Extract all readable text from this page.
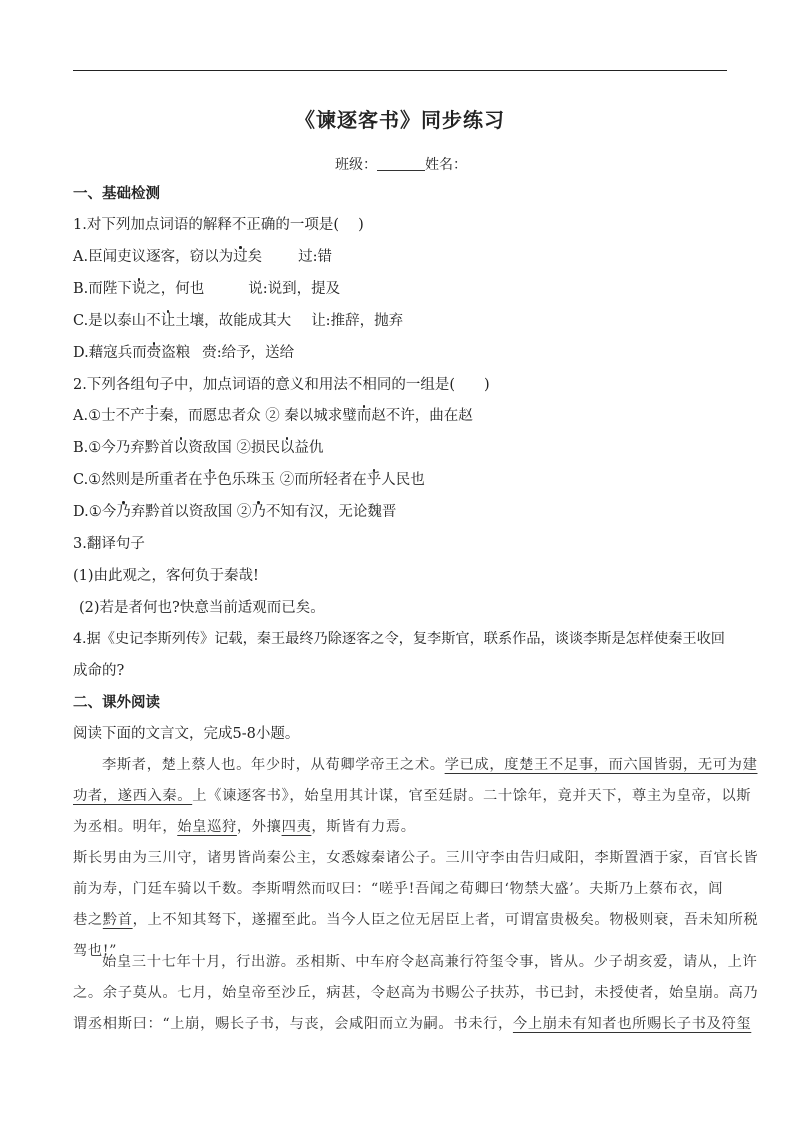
《谏逐客书》同步练习
班级：	姓名：
一、基础检测
1.对下列加点词语的解释不正确的一项是(　 )
A.臣闻吏议逐客，窃以为过矣 过:错
B.而陛下说之，何也	说:说到，提及
C.是以泰山不让土壤，故能成其大 让:推辞，抛弃
D.藉寇兵而赍盗粮 赍:给予，送给
2.下列各组句子中，加点词语的意义和用法不相同的一组是(　　)
A.①士不产于秦，而愿忠者众 ② 秦以城求璧而赵不许，曲在赵
B.①今乃弃黔首以资敌国 ②损民以益仇
C.①然则是所重者在乎色乐珠玉 ②而所轻者在乎人民也
D.①今乃弃黔首以资敌国 ②乃不知有汉，无论魏晋
3.翻译句子
(1)由此观之，客何负于秦哉!
(2)若是者何也?快意当前适观而已矣。
4.据《史记李斯列传》记载，秦王最终乃除逐客之令，复李斯官，联系作品，谈谈李斯是怎样使秦王收回
成命的?
二、课外阅读
阅读下面的文言文，完成5-8小题。
李斯者，楚上蔡人也。年少时，从荀卿学帝王之术。学已成，度楚王不足事，而六国皆弱，无可为建
功者，遂西入秦。上《谏逐客书》，始皇用其计谋，官至廷尉。二十馀年，竟并天下，尊主为皇帝，以斯
为丞相。明年，始皇巡狩，外攘四夷，斯皆有力焉。
斯长男由为三川守，诸男皆尚秦公主，女悉嫁秦诸公子。三川守李由告归咸阳，李斯置酒于家，百官长皆
前为寿，门廷车骑以千数。李斯喟然而叹曰：“嗟乎!吾闻之荀卿曰‘物禁大盛’。夫斯乃上蔡布衣，闾
巷之黔首，上不知其驽下，遂擢至此。当今人臣之位无居臣上者，可谓富贵极矣。物极则衰，吾未知所税
驾也!”
始皇三十七年十月，行出游。丞相斯、中车府令赵高兼行符玺令事，皆从。少子胡亥爱，请从，上许
之。余子莫从。七月，始皇帝至沙丘，病甚，令赵高为书赐公子扶苏，书已封，未授使者，始皇崩。高乃
谓丞相斯曰：“上崩，赐长子书，与丧，会咸阳而立为嗣。书未行，今上崩未有知者也所赐长子书及符玺
